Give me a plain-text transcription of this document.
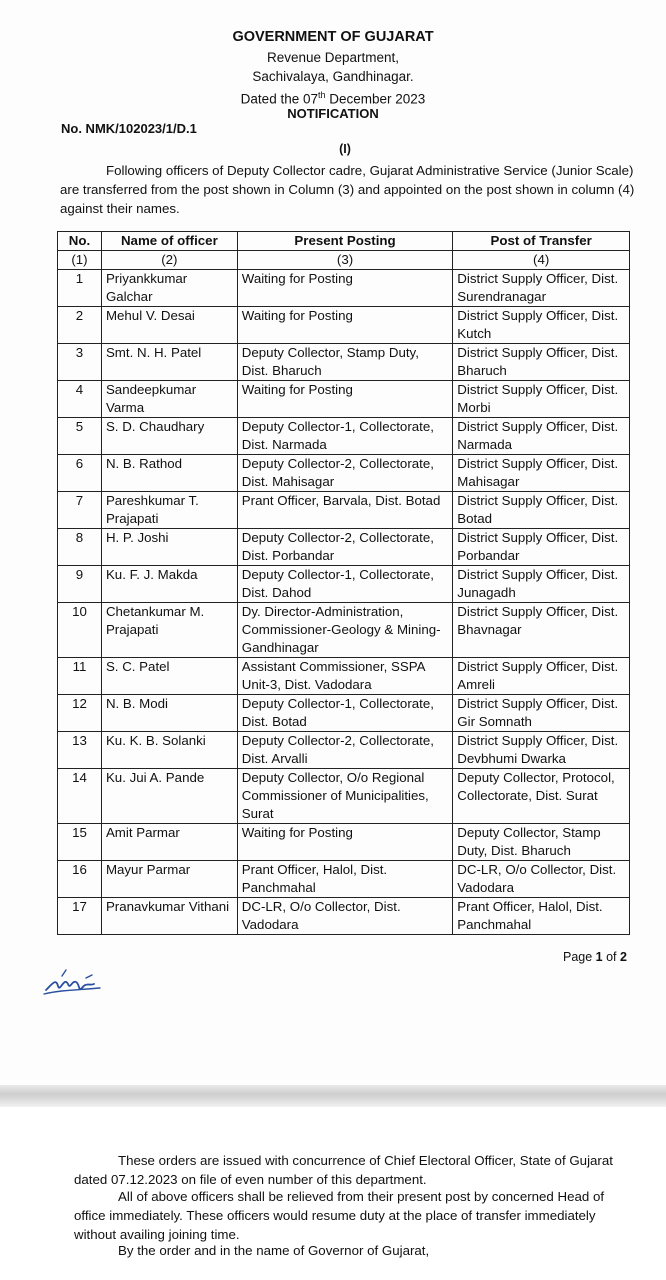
GOVERNMENT OF GUJARAT
Revenue Department,
Sachivalaya, Gandhinagar.
Dated the 07th December 2023
NOTIFICATION
No. NMK/102023/1/D.1
(I)
Following officers of Deputy Collector cadre, Gujarat Administrative Service (Junior Scale) are transferred from the post shown in Column (3) and appointed on the post shown in column (4) against their names.
No.	Name of officer	Present Posting	Post of Transfer
(1)	(2)	(3)	(4)
1	Priyankkumar Galchar	Waiting for Posting	District Supply Officer, Dist. Surendranagar
2	Mehul V. Desai	Waiting for Posting	District Supply Officer, Dist. Kutch
3	Smt. N. H. Patel	Deputy Collector, Stamp Duty, Dist. Bharuch	District Supply Officer, Dist. Bharuch
4	Sandeepkumar Varma	Waiting for Posting	District Supply Officer, Dist. Morbi
5	S. D. Chaudhary	Deputy Collector-1, Collectorate, Dist. Narmada	District Supply Officer, Dist. Narmada
6	N. B. Rathod	Deputy Collector-2, Collectorate, Dist. Mahisagar	District Supply Officer, Dist. Mahisagar
7	Pareshkumar T. Prajapati	Prant Officer, Barvala, Dist. Botad	District Supply Officer, Dist. Botad
8	H. P. Joshi	Deputy Collector-2, Collectorate, Dist. Porbandar	District Supply Officer, Dist. Porbandar
9	Ku. F. J. Makda	Deputy Collector-1, Collectorate, Dist. Dahod	District Supply Officer, Dist. Junagadh
10	Chetankumar M. Prajapati	Dy. Director-Administration, Commissioner-Geology & Mining-Gandhinagar	District Supply Officer, Dist. Bhavnagar
11	S. C. Patel	Assistant Commissioner, SSPA Unit-3, Dist. Vadodara	District Supply Officer, Dist. Amreli
12	N. B. Modi	Deputy Collector-1, Collectorate, Dist. Botad	District Supply Officer, Dist. Gir Somnath
13	Ku. K. B. Solanki	Deputy Collector-2, Collectorate, Dist. Arvalli	District Supply Officer, Dist. Devbhumi Dwarka
14	Ku. Jui A. Pande	Deputy Collector, O/o Regional Commissioner of Municipalities, Surat	Deputy Collector, Protocol, Collectorate, Dist. Surat
15	Amit Parmar	Waiting for Posting	Deputy Collector, Stamp Duty, Dist. Bharuch
16	Mayur Parmar	Prant Officer, Halol, Dist. Panchmahal	DC-LR, O/o Collector, Dist. Vadodara
17	Pranavkumar Vithani	DC-LR, O/o Collector, Dist. Vadodara	Prant Officer, Halol, Dist. Panchmahal
Page 1 of 2
These orders are issued with concurrence of Chief Electoral Officer, State of Gujarat dated 07.12.2023 on file of even number of this department.
All of above officers shall be relieved from their present post by concerned Head of office immediately. These officers would resume duty at the place of transfer immediately without availing joining time.
By the order and in the name of Governor of Gujarat,
